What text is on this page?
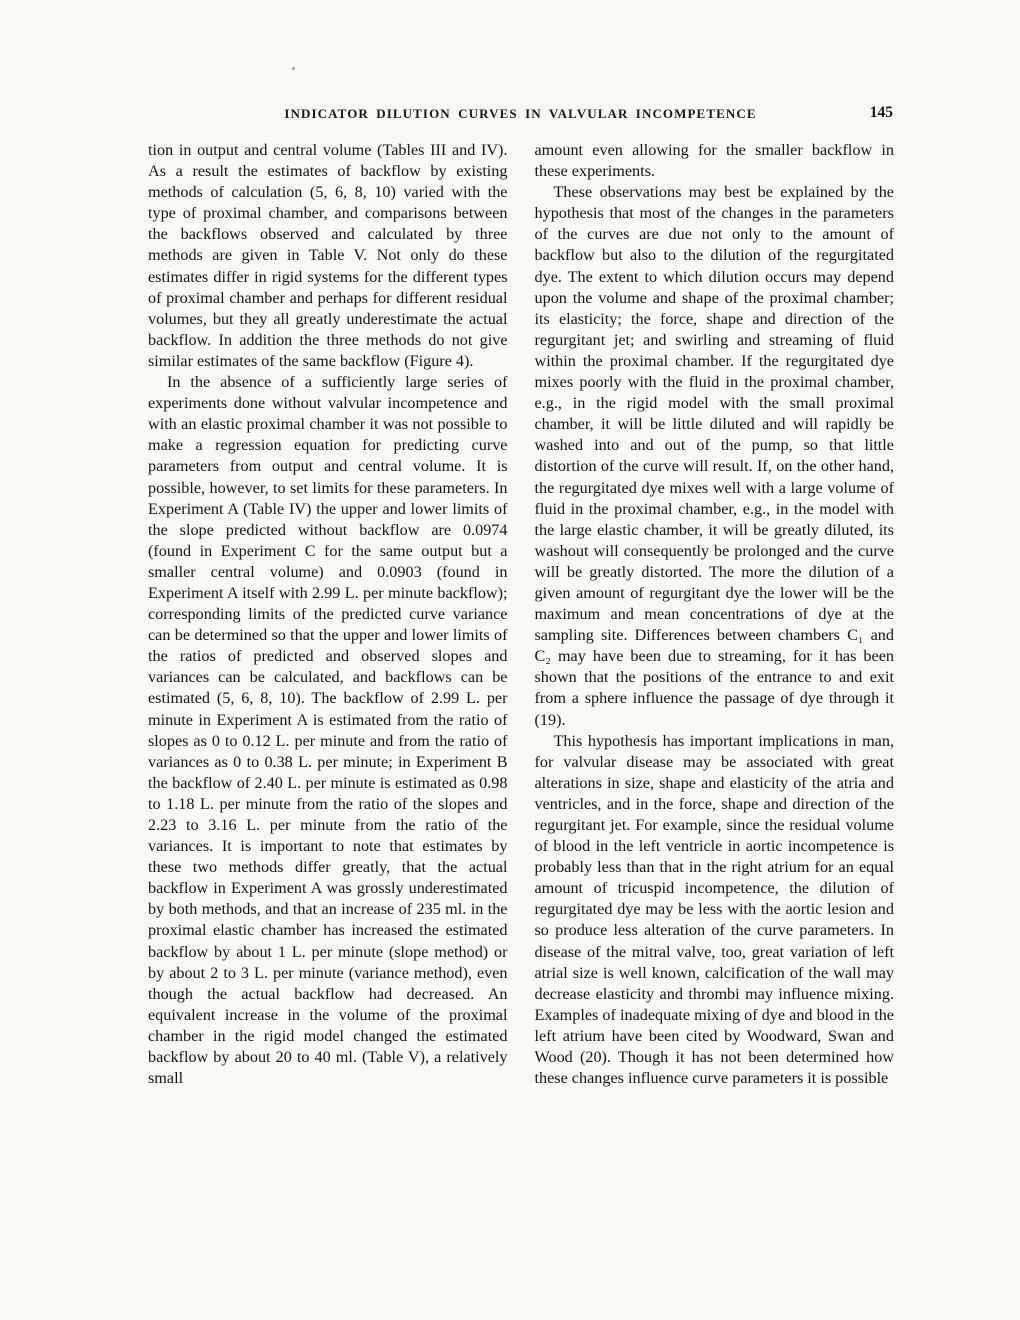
INDICATOR DILUTION CURVES IN VALVULAR INCOMPETENCE	145

tion in output and central volume (Tables III and IV). As a result the estimates of backflow by existing methods of calculation (5, 6, 8, 10) varied with the type of proximal chamber, and comparisons between the backflows observed and calculated by three methods are given in Table V. Not only do these estimates differ in rigid systems for the different types of proximal chamber and perhaps for different residual volumes, but they all greatly underestimate the actual backflow. In addition the three methods do not give similar estimates of the same backflow (Figure 4).

In the absence of a sufficiently large series of experiments done without valvular incompetence and with an elastic proximal chamber it was not possible to make a regression equation for predicting curve parameters from output and central volume. It is possible, however, to set limits for these parameters. In Experiment A (Table IV) the upper and lower limits of the slope predicted without backflow are 0.0974 (found in Experiment C for the same output but a smaller central volume) and 0.0903 (found in Experiment A itself with 2.99 L. per minute backflow); corresponding limits of the predicted curve variance can be determined so that the upper and lower limits of the ratios of predicted and observed slopes and variances can be calculated, and backflows can be estimated (5, 6, 8, 10). The backflow of 2.99 L. per minute in Experiment A is estimated from the ratio of slopes as 0 to 0.12 L. per minute and from the ratio of variances as 0 to 0.38 L. per minute; in Experiment B the backflow of 2.40 L. per minute is estimated as 0.98 to 1.18 L. per minute from the ratio of the slopes and 2.23 to 3.16 L. per minute from the ratio of the variances. It is important to note that estimates by these two methods differ greatly, that the actual backflow in Experiment A was grossly underestimated by both methods, and that an increase of 235 ml. in the proximal elastic chamber has increased the estimated backflow by about 1 L. per minute (slope method) or by about 2 to 3 L. per minute (variance method), even though the actual backflow had decreased. An equivalent increase in the volume of the proximal chamber in the rigid model changed the estimated backflow by about 20 to 40 ml. (Table V), a relatively small

amount even allowing for the smaller backflow in these experiments.

These observations may best be explained by the hypothesis that most of the changes in the parameters of the curves are due not only to the amount of backflow but also to the dilution of the regurgitated dye. The extent to which dilution occurs may depend upon the volume and shape of the proximal chamber; its elasticity; the force, shape and direction of the regurgitant jet; and swirling and streaming of fluid within the proximal chamber. If the regurgitated dye mixes poorly with the fluid in the proximal chamber, e.g., in the rigid model with the small proximal chamber, it will be little diluted and will rapidly be washed into and out of the pump, so that little distortion of the curve will result. If, on the other hand, the regurgitated dye mixes well with a large volume of fluid in the proximal chamber, e.g., in the model with the large elastic chamber, it will be greatly diluted, its washout will consequently be prolonged and the curve will be greatly distorted. The more the dilution of a given amount of regurgitant dye the lower will be the maximum and mean concentrations of dye at the sampling site. Differences between chambers C₁ and C₂ may have been due to streaming, for it has been shown that the positions of the entrance to and exit from a sphere influence the passage of dye through it (19).

This hypothesis has important implications in man, for valvular disease may be associated with great alterations in size, shape and elasticity of the atria and ventricles, and in the force, shape and direction of the regurgitant jet. For example, since the residual volume of blood in the left ventricle in aortic incompetence is probably less than that in the right atrium for an equal amount of tricuspid incompetence, the dilution of regurgitated dye may be less with the aortic lesion and so produce less alteration of the curve parameters. In disease of the mitral valve, too, great variation of left atrial size is well known, calcification of the wall may decrease elasticity and thrombi may influence mixing. Examples of inadequate mixing of dye and blood in the left atrium have been cited by Woodward, Swan and Wood (20). Though it has not been determined how these changes influence curve parameters it is possible
